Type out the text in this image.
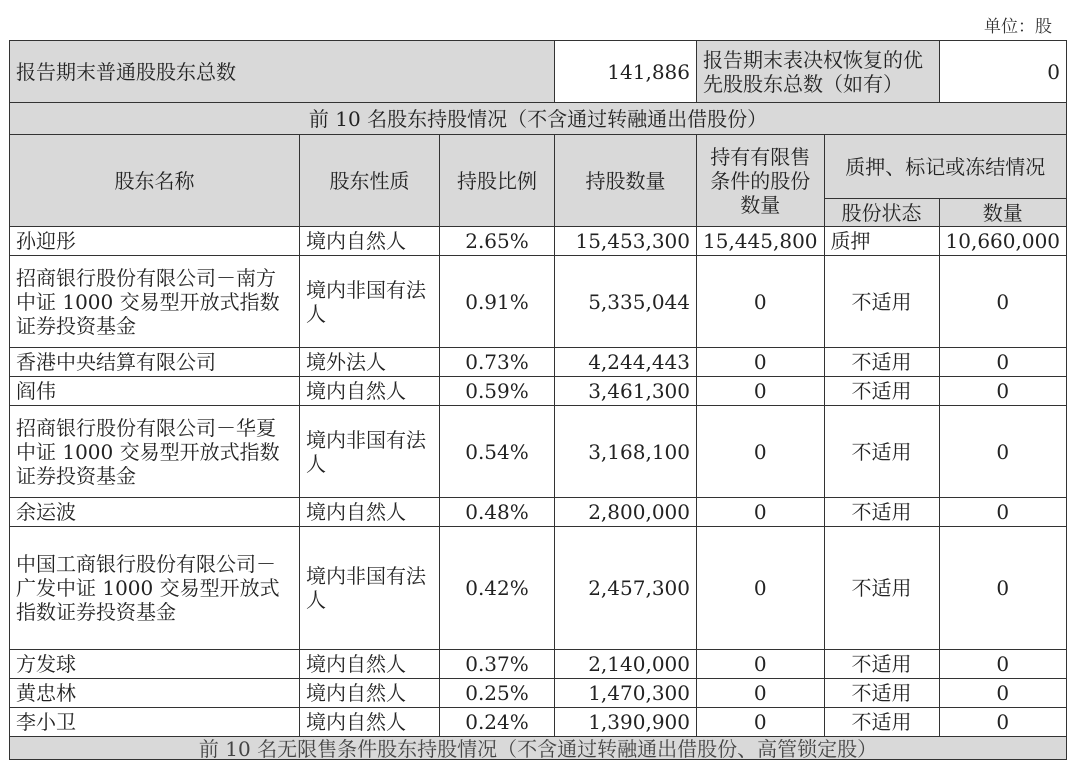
单位：股
报告期末普通股股东总数			141,886	报告期末表决权恢复的优先股股东总数（如有）		0
前 10 名股东持股情况（不含通过转融通出借股份）						
股东名称	股东性质	持股比例	持股数量	持有有限售条件的股份数量	质押、标记或冻结情况	
					股份状态	数量
孙迎彤	境内自然人	2.65%	15,453,300	15,445,800	质押	10,660,000
招商银行股份有限公司－南方中证 1000 交易型开放式指数证券投资基金	境内非国有法人	0.91%	5,335,044	0	不适用	0
香港中央结算有限公司	境外法人	0.73%	4,244,443	0	不适用	0
阎伟	境内自然人	0.59%	3,461,300	0	不适用	0
招商银行股份有限公司－华夏中证 1000 交易型开放式指数证券投资基金	境内非国有法人	0.54%	3,168,100	0	不适用	0
余运波	境内自然人	0.48%	2,800,000	0	不适用	0
中国工商银行股份有限公司－广发中证 1000 交易型开放式指数证券投资基金	境内非国有法人	0.42%	2,457,300	0	不适用	0
方发球	境内自然人	0.37%	2,140,000	0	不适用	0
黄忠林	境内自然人	0.25%	1,470,300	0	不适用	0
李小卫	境内自然人	0.24%	1,390,900	0	不适用	0

前 10 名无限售条件股东持股情况（不含通过转融通出借股份、高管锁定股）						
